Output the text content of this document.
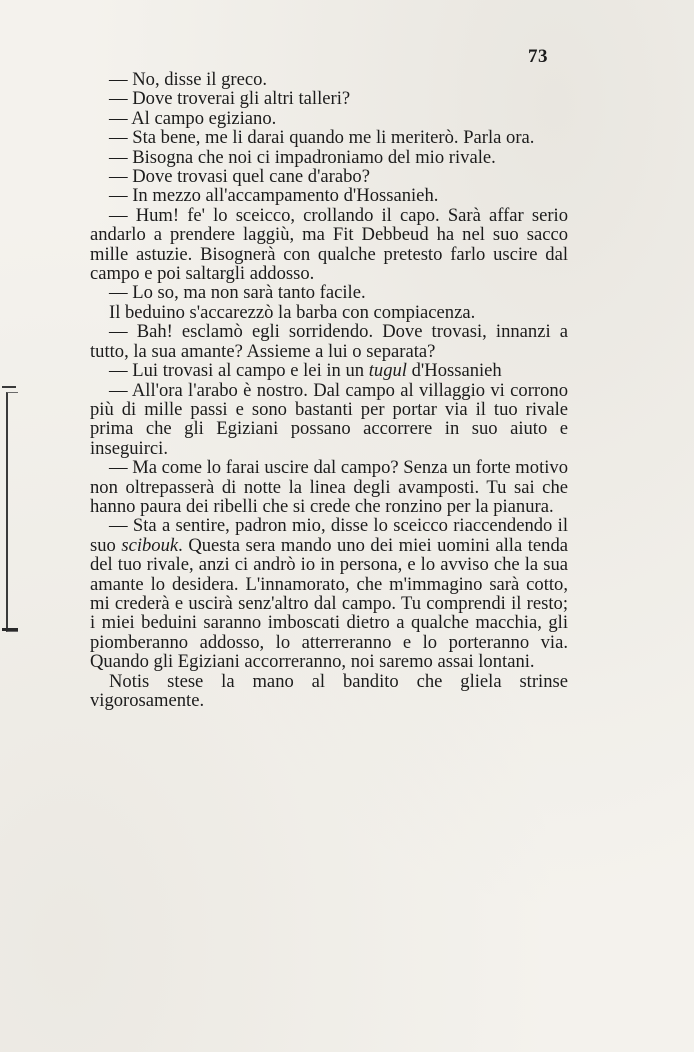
73

— No, disse il greco.

— Dove troverai gli altri talleri?

— Al campo egiziano.

— Sta bene, me li darai quando me li meriterò. Parla ora.

— Bisogna che noi ci impadroniamo del mio rivale.

— Dove trovasi quel cane d'arabo?

— In mezzo all'accampamento d'Hossanieh.

— Hum! fe' lo sceicco, crollando il capo. Sarà affar serio andarlo a prendere laggiù, ma Fit Debbeud ha nel suo sacco mille astuzie. Bisognerà con qualche pretesto farlo uscire dal campo e poi saltargli addosso.

— Lo so, ma non sarà tanto facile.

Il beduino s'accarezzò la barba con compiacenza.

— Bah! esclamò egli sorridendo. Dove trovasi, innanzi a tutto, la sua amante? Assieme a lui o separata?

— Lui trovasi al campo e lei in un tugul d'Hossanieh

— All'ora l'arabo è nostro. Dal campo al villaggio vi corrono più di mille passi e sono bastanti per portar via il tuo rivale prima che gli Egiziani possano accorrere in suo aiuto e inseguirci.

— Ma come lo farai uscire dal campo? Senza un forte motivo non oltrepasserà di notte la linea degli avamposti. Tu sai che hanno paura dei ribelli che si crede che ronzino per la pianura.

— Sta a sentire, padron mio, disse lo sceicco riaccendendo il suo scibouk. Questa sera mando uno dei miei uomini alla tenda del tuo rivale, anzi ci andrò io in persona, e lo avviso che la sua amante lo desidera. L'innamorato, che m'immagino sarà cotto, mi crederà e uscirà senz'altro dal campo. Tu comprendi il resto; i miei beduini saranno imboscati dietro a qualche macchia, gli piomberanno addosso, lo atterreranno e lo porteranno via. Quando gli Egiziani accorreranno, noi saremo assai lontani.

Notis stese la mano al bandito che gliela strinse vigorosamente.
